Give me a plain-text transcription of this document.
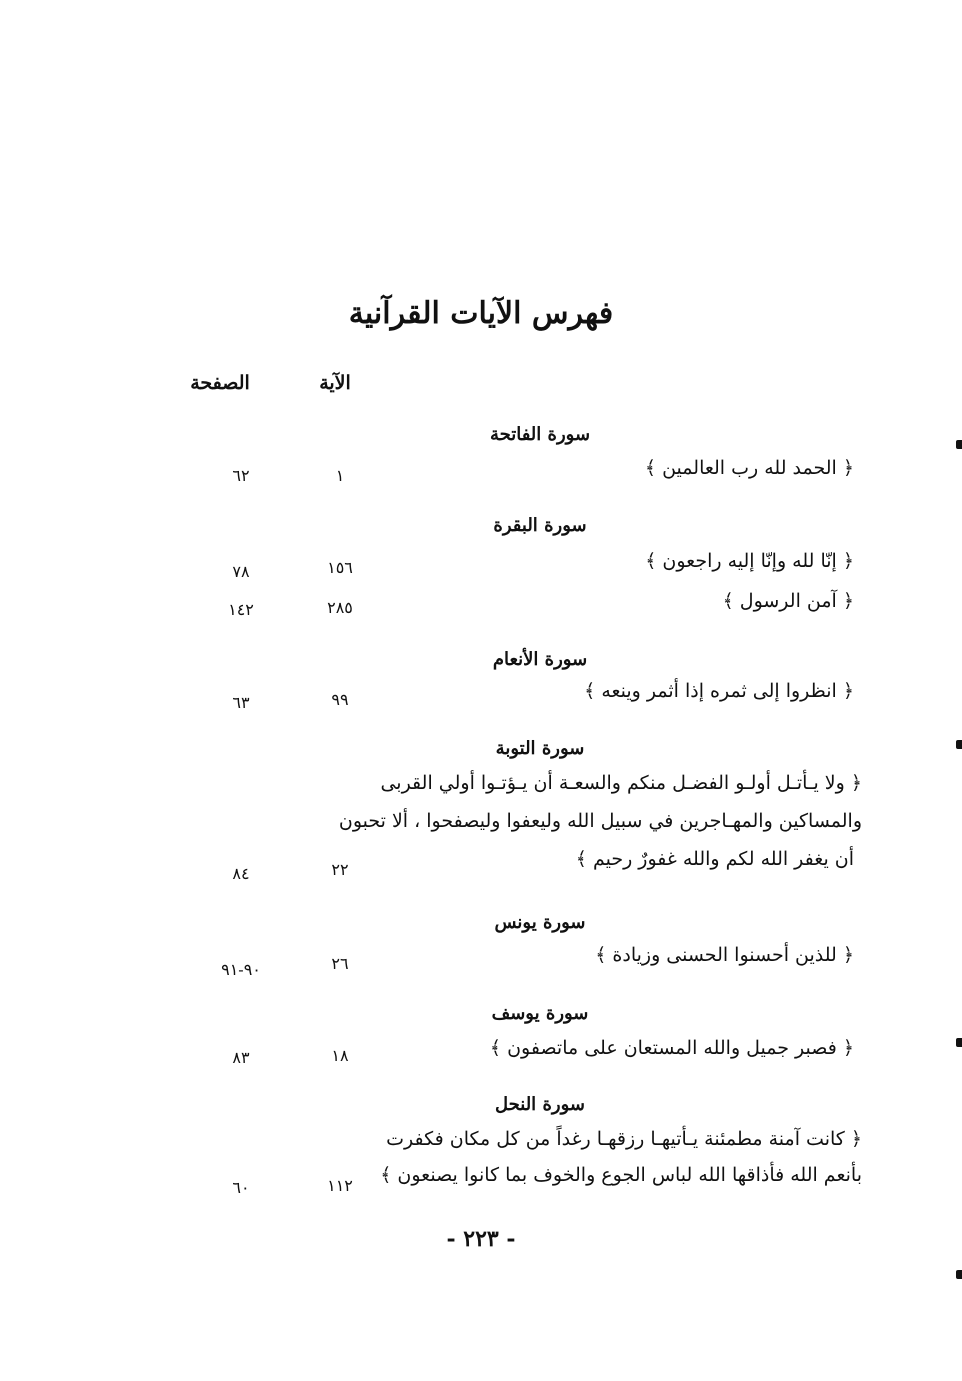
فهرس الآيات القرآنية
الآية
الصفحة
سورة الفاتحة
﴿ الحمد لله رب العالمين ﴾
١
٦٢
سورة البقرة
﴿ إنّا لله وإنّا إليه راجعون ﴾
١٥٦
٧٨
﴿ آمن الرسول ﴾
٢٨٥
١٤٢
سورة الأنعام
﴿ انظروا إلى ثمره إذا أثمر وينعه ﴾
٩٩
٦٣
سورة التوبة
﴿ ولا يـأتـل أولـو الفضـل منكم والسعـة أن يـؤتـوا أولي القربى
والمساكين والمهـاجرين في سبيل الله وليعفوا وليصفحوا ، ألا تحبون
أن يغفر الله لكم والله غفورٌ رحيم ﴾
٢٢
٨٤
سورة يونس
﴿ للذين أحسنوا الحسنى وزيادة ﴾
٢٦
٩٠-٩١
سورة يوسف
﴿ فصبر جميل والله المستعان على ماتصفون ﴾
١٨
٨٣
سورة النحل
﴿ كانت آمنة مطمئنة يـأتيهـا رزقهـا رغداً من كل مكان فكفرت
بأنعم الله فأذاقها الله لباس الجوع والخوف بما كانوا يصنعون ﴾
١١٢
٦٠
- ٢٢٣ -
